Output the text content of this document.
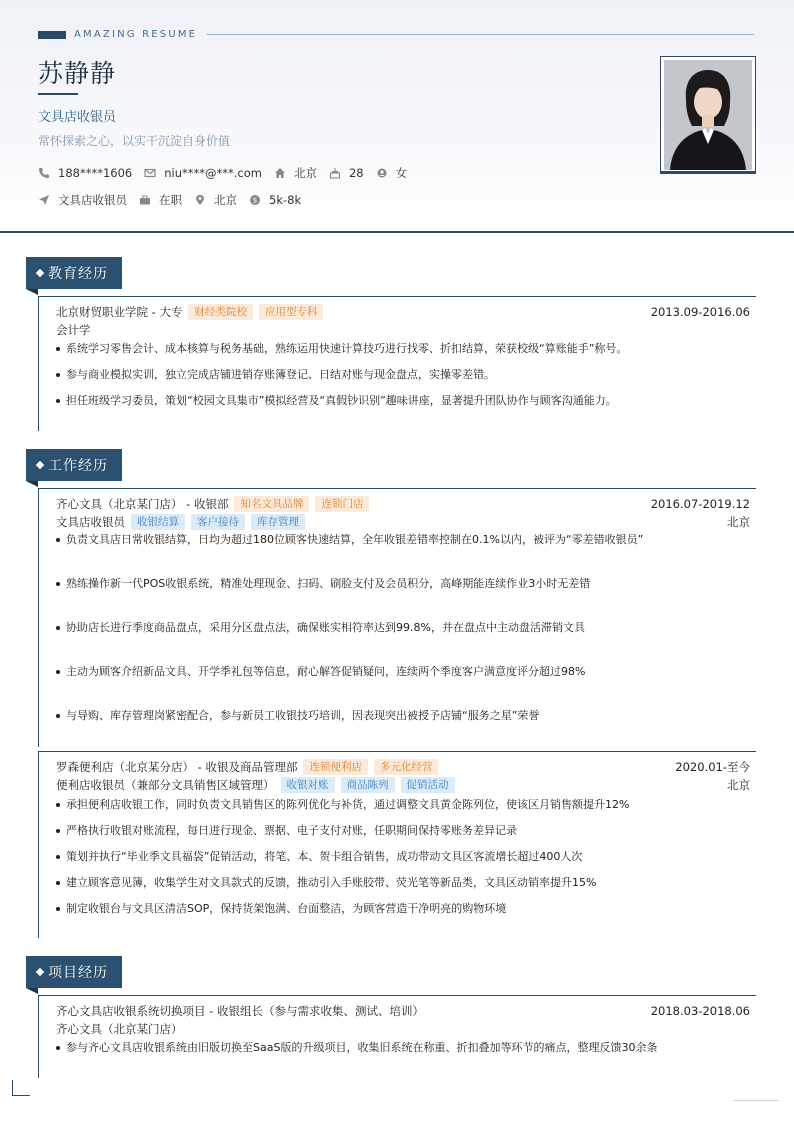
AMAZING RESUME
苏静静
文具店收银员
常怀探索之心，以实干沉淀自身价值
188****1606	niu****@***.com	北京	28	女
文具店收银员	在职	北京 $ 5k-8k
教育经历
北京财贸职业学院 - 大专	财经类院校	应用型专科	2013.09-2016.06
会计学
系统学习零售会计、成本核算与税务基础，熟练运用快速计算技巧进行找零、折扣结算，荣获校级“算账能手”称号。
参与商业模拟实训，独立完成店铺进销存账簿登记、日结对账与现金盘点，实操零差错。
担任班级学习委员，策划“校园文具集市”模拟经营及“真假钞识别”趣味讲座，显著提升团队协作与顾客沟通能力。
工作经历
齐心文具（北京某门店） - 收银部	知名文具品牌	连锁门店	2016.07-2019.12
文具店收银员	收银结算	客户接待	库存管理	北京
负责文具店日常收银结算，日均为超过180位顾客快速结算，全年收银差错率控制在0.1%以内，被评为“零差错收银员”
熟练操作新一代POS收银系统，精准处理现金、扫码、刷脸支付及会员积分，高峰期能连续作业3小时无差错
协助店长进行季度商品盘点，采用分区盘点法，确保账实相符率达到99.8%，并在盘点中主动盘活滞销文具
主动为顾客介绍新品文具、开学季礼包等信息，耐心解答促销疑问，连续两个季度客户满意度评分超过98%
与导购、库存管理岗紧密配合，参与新员工收银技巧培训，因表现突出被授予店铺“服务之星”荣誉
罗森便利店（北京某分店） - 收银及商品管理部	连锁便利店	多元化经营	2020.01-至今
便利店收银员（兼部分文具销售区域管理）	收银对账	商品陈列	促销活动	北京
承担便利店收银工作，同时负责文具销售区的陈列优化与补货，通过调整文具黄金陈列位，使该区月销售额提升12%
严格执行收银对账流程，每日进行现金、票据、电子支付对账，任职期间保持零账务差异记录
策划并执行“毕业季文具福袋”促销活动，将笔、本、贺卡组合销售，成功带动文具区客流增长超过400人次
建立顾客意见簿，收集学生对文具款式的反馈，推动引入手账胶带、荧光笔等新品类，文具区动销率提升15%
制定收银台与文具区清洁SOP，保持货架饱满、台面整洁，为顾客营造干净明亮的购物环境
项目经历
齐心文具店收银系统切换项目 - 收银组长（参与需求收集、测试、培训）	2018.03-2018.06
齐心文具（北京某门店）
参与齐心文具店收银系统由旧版切换至SaaS版的升级项目，收集旧系统在称重、折扣叠加等环节的痛点，整理反馈30余条
